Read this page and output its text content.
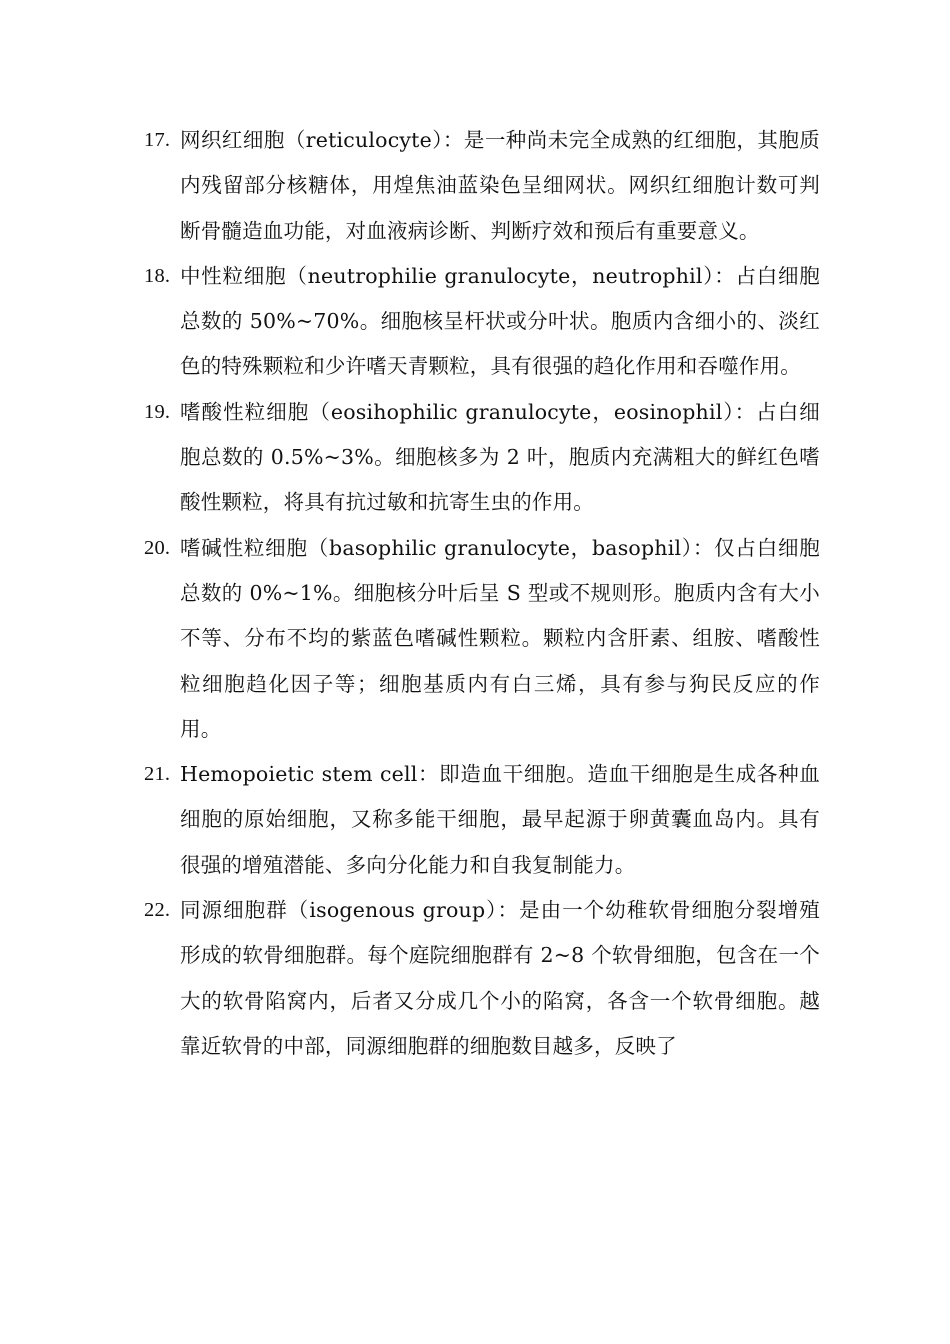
17. 网织红细胞（reticulocyte）：是一种尚未完全成熟的红细胞，其胞质内残留部分核糖体，用煌焦油蓝染色呈细网状。网织红细胞计数可判断骨髓造血功能，对血液病诊断、判断疗效和预后有重要意义。
18. 中性粒细胞（neutrophilie granulocyte，neutrophil）：占白细胞总数的 50%~70%。细胞核呈杆状或分叶状。胞质内含细小的、淡红色的特殊颗粒和少许嗜天青颗粒，具有很强的趋化作用和吞噬作用。
19. 嗜酸性粒细胞（eosihophilic granulocyte，eosinophil）：占白细胞总数的 0.5%~3%。细胞核多为 2 叶，胞质内充满粗大的鲜红色嗜酸性颗粒，将具有抗过敏和抗寄生虫的作用。
20. 嗜碱性粒细胞（basophilic granulocyte，basophil）：仅占白细胞总数的 0%~1%。细胞核分叶后呈 S 型或不规则形。胞质内含有大小不等、分布不均的紫蓝色嗜碱性颗粒。颗粒内含肝素、组胺、嗜酸性粒细胞趋化因子等；细胞基质内有白三烯，具有参与狗民反应的作用。
21. Hemopoietic stem cell：即造血干细胞。造血干细胞是生成各种血细胞的原始细胞，又称多能干细胞，最早起源于卵黄囊血岛内。具有很强的增殖潜能、多向分化能力和自我复制能力。
22. 同源细胞群（isogenous group）：是由一个幼稚软骨细胞分裂增殖形成的软骨细胞群。每个庭院细胞群有 2~8 个软骨细胞，包含在一个大的软骨陷窝内，后者又分成几个小的陷窝，各含一个软骨细胞。越靠近软骨的中部，同源细胞群的细胞数目越多，反映了
